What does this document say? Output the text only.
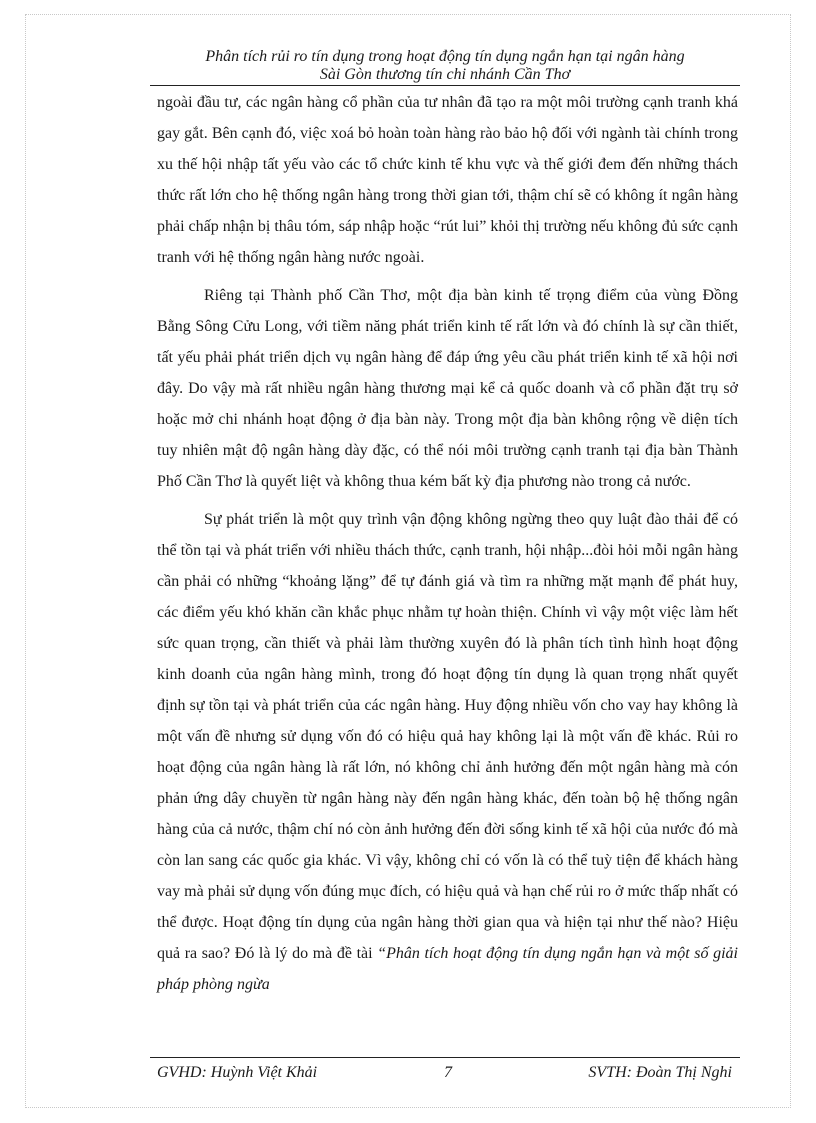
Phân tích rủi ro tín dụng trong hoạt động tín dụng ngắn hạn tại ngân hàng
Sài Gòn thương tín chi nhánh Cần Thơ

ngoài đầu tư, các ngân hàng cổ phần của tư nhân đã tạo ra một môi trường cạnh tranh khá gay gắt. Bên cạnh đó, việc xoá bỏ hoàn toàn hàng rào bảo hộ đối với ngành tài chính trong xu thế hội nhập tất yếu vào các tổ chức kinh tế khu vực và thế giới đem đến những thách thức rất lớn cho hệ thống ngân hàng trong thời gian tới, thậm chí sẽ có không ít ngân hàng phải chấp nhận bị thâu tóm, sáp nhập hoặc “rút lui” khỏi thị trường nếu không đủ sức cạnh tranh với hệ thống ngân hàng nước ngoài.

Riêng tại Thành phố Cần Thơ, một địa bàn kinh tế trọng điểm của vùng Đồng Bằng Sông Cửu Long, với tiềm năng phát triển kinh tế rất lớn và đó chính là sự cần thiết, tất yếu phải phát triển dịch vụ ngân hàng để đáp ứng yêu cầu phát triển kinh tế xã hội nơi đây. Do vậy mà rất nhiều ngân hàng thương mại kể cả quốc doanh và cổ phần đặt trụ sở hoặc mở chi nhánh hoạt động ở địa bàn này. Trong một địa bàn không rộng về diện tích tuy nhiên mật độ ngân hàng dày đặc, có thể nói môi trường cạnh tranh tại địa bàn Thành Phố Cần Thơ là quyết liệt và không thua kém bất kỳ địa phương nào trong cả nước.

Sự phát triển là một quy trình vận động không ngừng theo quy luật đào thải để có thể tồn tại và phát triển với nhiều thách thức, cạnh tranh, hội nhập...đòi hỏi mỗi ngân hàng cần phải có những “khoảng lặng” để tự đánh giá và tìm ra những mặt mạnh để phát huy, các điểm yếu khó khăn cần khắc phục nhằm tự hoàn thiện. Chính vì vậy một việc làm hết sức quan trọng, cần thiết và phải làm thường xuyên đó là phân tích tình hình hoạt động kinh doanh của ngân hàng mình, trong đó hoạt động tín dụng là quan trọng nhất quyết định sự tồn tại và phát triển của các ngân hàng. Huy động nhiều vốn cho vay hay không là một vấn đề nhưng sử dụng vốn đó có hiệu quả hay không lại là một vấn đề khác. Rủi ro hoạt động của ngân hàng là rất lớn, nó không chỉ ảnh hưởng đến một ngân hàng mà cón phản ứng dây chuyền từ ngân hàng này đến ngân hàng khác, đến toàn bộ hệ thống ngân hàng của cả nước, thậm chí nó còn ảnh hưởng đến đời sống kinh tế xã hội của nước đó mà còn lan sang các quốc gia khác. Vì vậy, không chỉ có vốn là có thể tuỳ tiện để khách hàng vay mà phải sử dụng vốn đúng mục đích, có hiệu quả và hạn chế rủi ro ở mức thấp nhất có thể được. Hoạt động tín dụng của ngân hàng thời gian qua và hiện tại như thế nào? Hiệu quả ra sao? Đó là lý do mà đề tài “Phân tích hoạt động tín dụng ngắn hạn và một số giải pháp phòng ngừa

GVHD: Huỳnh Việt Khải	7	SVTH: Đoàn Thị Nghi
